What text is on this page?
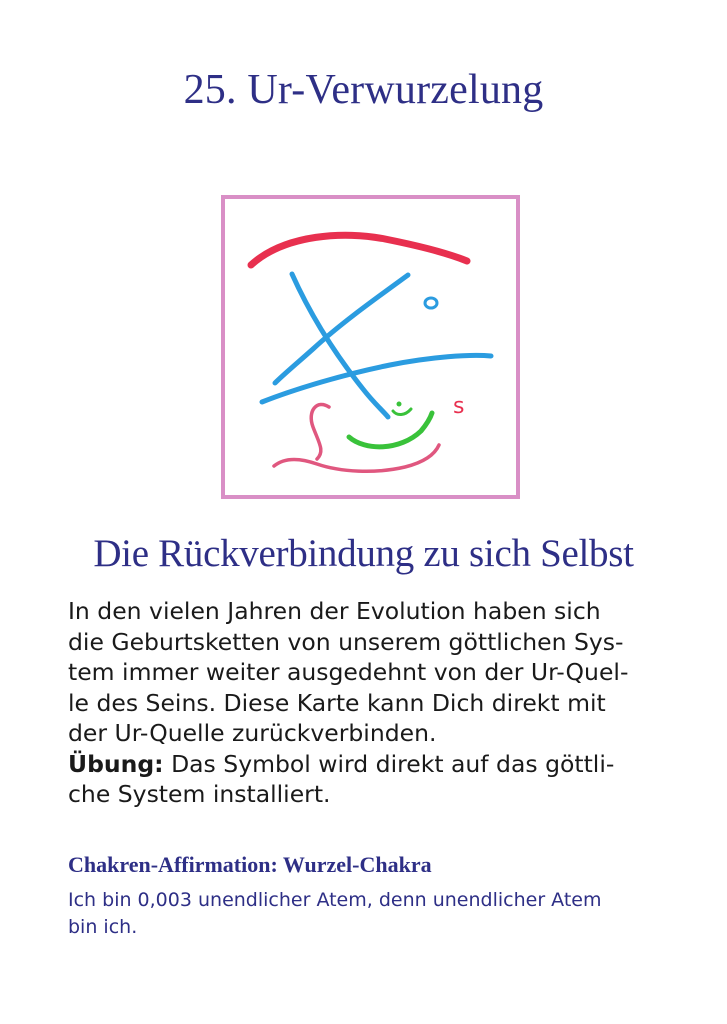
25. Ur-Verwurzelung
s
Die Rückverbindung zu sich Selbst
In den vielen Jahren der Evolution haben sich
die Geburtsketten von unserem göttlichen Sys-
tem immer weiter ausgedehnt von der Ur-Quel-
le des Seins. Diese Karte kann Dich direkt mit
der Ur-Quelle zurückverbinden.
Übung: Das Symbol wird direkt auf das göttli-
che System installiert.
Chakren-Affirmation: Wurzel-Chakra
Ich bin 0,003 unendlicher Atem, denn unendlicher Atem
bin ich.
